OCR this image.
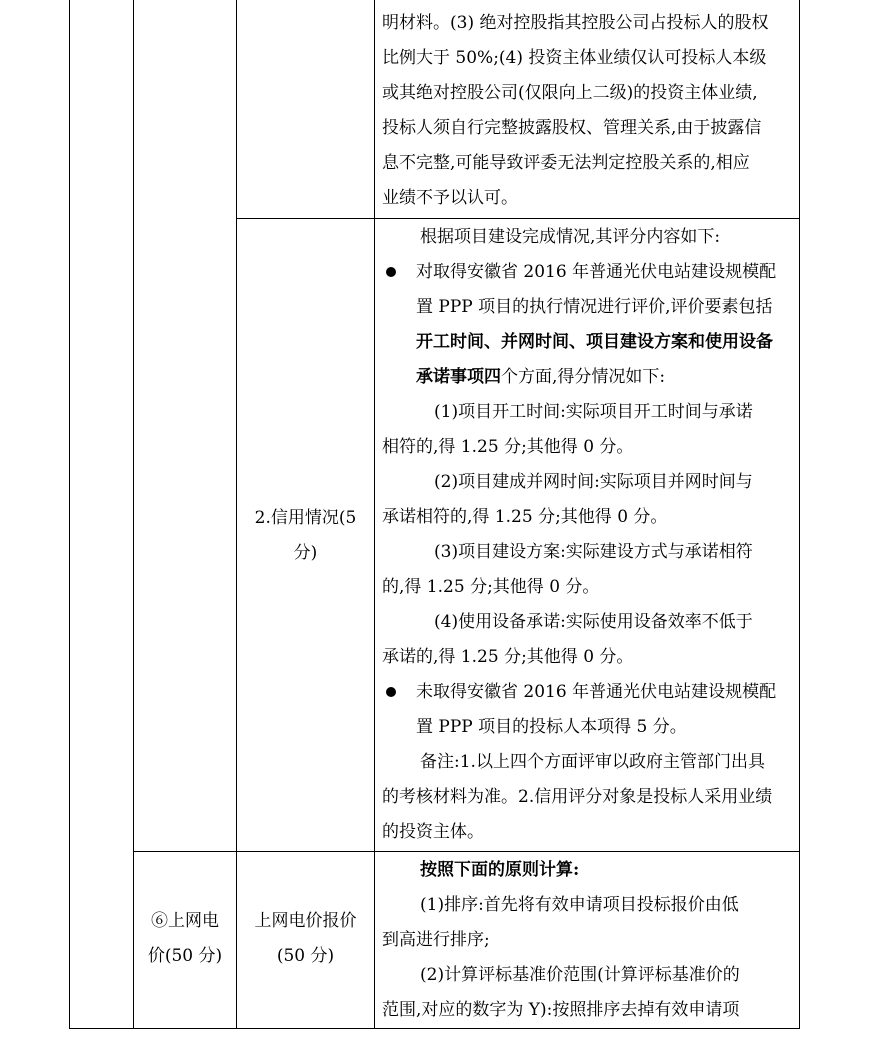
明材料。(3) 绝对控股指其控股公司占投标人的股权
比例大于 50%;(4) 投资主体业绩仅认可投标人本级
或其绝对控股公司(仅限向上二级)的投资主体业绩,
投标人须自行完整披露股权、管理关系,由于披露信
息不完整,可能导致评委无法判定控股关系的,相应
业绩不予以认可。
2.信用情况(5
分)
根据项目建设完成情况,其评分内容如下:
对取得安徽省 2016 年普通光伏电站建设规模配
置 PPP 项目的执行情况进行评价,评价要素包括
开工时间、并网时间、项目建设方案和使用设备
承诺事项四个方面,得分情况如下:
(1)项目开工时间:实际项目开工时间与承诺
相符的,得 1.25 分;其他得 0 分。
(2)项目建成并网时间:实际项目并网时间与
承诺相符的,得 1.25 分;其他得 0 分。
(3)项目建设方案:实际建设方式与承诺相符
的,得 1.25 分;其他得 0 分。
(4)使用设备承诺:实际使用设备效率不低于
承诺的,得 1.25 分;其他得 0 分。
未取得安徽省 2016 年普通光伏电站建设规模配
置 PPP 项目的投标人本项得 5 分。
备注:1.以上四个方面评审以政府主管部门出具
的考核材料为准。2.信用评分对象是投标人采用业绩
的投资主体。
⑥上网电
价(50 分)
上网电价报价
(50 分)
按照下面的原则计算:
(1)排序:首先将有效申请项目投标报价由低
到高进行排序;
(2)计算评标基准价范围(计算评标基准价的
范围,对应的数字为 Y):按照排序去掉有效申请项
